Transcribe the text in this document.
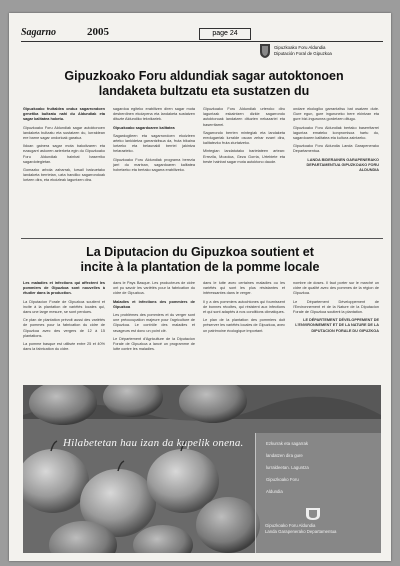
Sagarno	2005	page 24
Gipuzkoako Foru Aldundia
Diputación Foral de Gipuzkoa
Gipuzkoako Foru aldundiak sagar autoktonoen
landaketa bultzatu eta sustatzen du

Gipuzkoako fruitaldea onduz sagarrondoen genetika bultzatu nahi du Aldundiak eta sagar kalitatea hobetu.

Gipuzkoako Foru Aldundiak sagar autoktonoen landaketa bultzatu eta sustatzen du, lurraldean ere barne sagar ondorioak garatuz.

Ildoan gainera sagar mota bakoitzaren eta ezaugarri askoren azterketa egin du Gipuzkoako Foru Aldundiak hainbat baserriko sagardotegietan.

Gomazko arbola zaharrak, lursail batzuetako landaketa berrietan, uzta handiko sagarrondoak lortzen dira, eta ekoizleak laguntzen dira.

sagardoa egiteko erabiltzen diren sagar mota desberdinen ekoizpena eta landaketa sustatzen dituzte Aldundiko teknikariek.

Gipuzkoako sagardoaren kalitatea

Sagardogileen eta sagarrondoen ekoizleen arteko lankidetza garrantzitsua da, fruta bikaina lortzeko eta belaunaldi berriei jakintza helarazteko.

Gipuzkoako Foru Aldundiak programa berezia jarri du martxan, sagardoaren kalitatea hobetzeko eta bertako sagarra erabiltzeko.

Gipuzkoako Foru Aldundiak urteroko diru laguntzak eskaintzen dizkie sagarrondo autoktonoak landatzen dituzten nekazariei eta baserritarrei.

Sagarrondo berrien mintegiak eta landaketa eredugarriak lurralde osoan zehar ezarri dira, kalitatezko fruta ziurtatzeko.

Mintegian landatutako barietateen artean: Errezila, Mozoloa, Geza Gorria, Urtebiete eta beste hainbat sagar mota autoktono daude.

ondare ekologiko garrantzitsu bat osatzen dute. Gure egun, gure inguruneko bere ekintzan eta gure bizi-ingurunea gordetzen ditugu.

Gipuzkoako Foru Aldundiak bertako baserritarrei laguntza emateko konpromisoa hartu du, sagardoaren kalitatea eta kultura zaintzeko.

Gipuzkoako Foru Aldundia Landa Garapenerako Departamentua.

LANDA BIDERAINEN GARAPENERAKO DEPARTAMENTUA GIPUZKOAKO FORU ALDUNDIA
La Diputacion du Gipuzkoa soutient et
incite à la plantation de la pomme locale

Les maladies et infections qui affectent les pommiers de Gipuzkoa sont nouvelles à étudier dans la production.

La Diputacion Forale de Gipuzkoa soutient et incite à la plantation de variétés locales qui, dans une large mesure, se sont perdues.

Ce plan de plantation prévoit aussi des variétés de pommes pour la fabrication du cidre de Gipuzkoa avec des vergers de 12 à 15 plantations.

La pomme basque est utilisée entre 25 et 40% dans la fabrication du cidre.

dans le Pays Basque. Les producteurs de cidre ont pu savoir les variétés pour la fabrication du cidre de Gipuzkoa.

Maladies et infections des pommiers de Gipuzkoa

Les problèmes des pommiers et du verger sont une préoccupation majeure pour l'agriculture de Gipuzkoa. Le contrôle des maladies et ravageurs est donc un point clé.

Le Département d'Agriculture de la Diputacion Forale de Gipuzkoa a lancé un programme de lutte contre les maladies.

dans le lutte avec certaines maladies ou les variétés qui sont les plus résistantes et intéressantes dans le verger.

Il y a des pommiers autochtones qui fournissent de bonnes récoltes, qui résistent aux infections et qui sont adaptés à nos conditions climatiques.

Le plan de la plantation des pommiers doit préserver les variétés locales de Gipuzkoa, avec un patrimoine écologique important.

nombre de doses. Il faut porter sur le marché un cidre de qualité avec des pommes de la région de Gipuzkoa.

Le Département Développement de l'Environnement et de la Nature de la Diputacion Forale de Gipuzkoa soutient la plantation.

LE DÉPARTEMENT DÉVELOPPEMENT DE L'ENVIRONNEMENT ET DE LA NATURE DE LA DIPUTACION FORALE DU GIPUZKOA
Hilabetetan hau izan da kupelik onena.	Ezkurrak eta sagarrak
landatzen dira gure
lurraldeetan. Laguntza
Gipuzkoako Foru
Aldundia
Gipuzkoako Foru Aldundia
Landa Garapenerako Departamentua
